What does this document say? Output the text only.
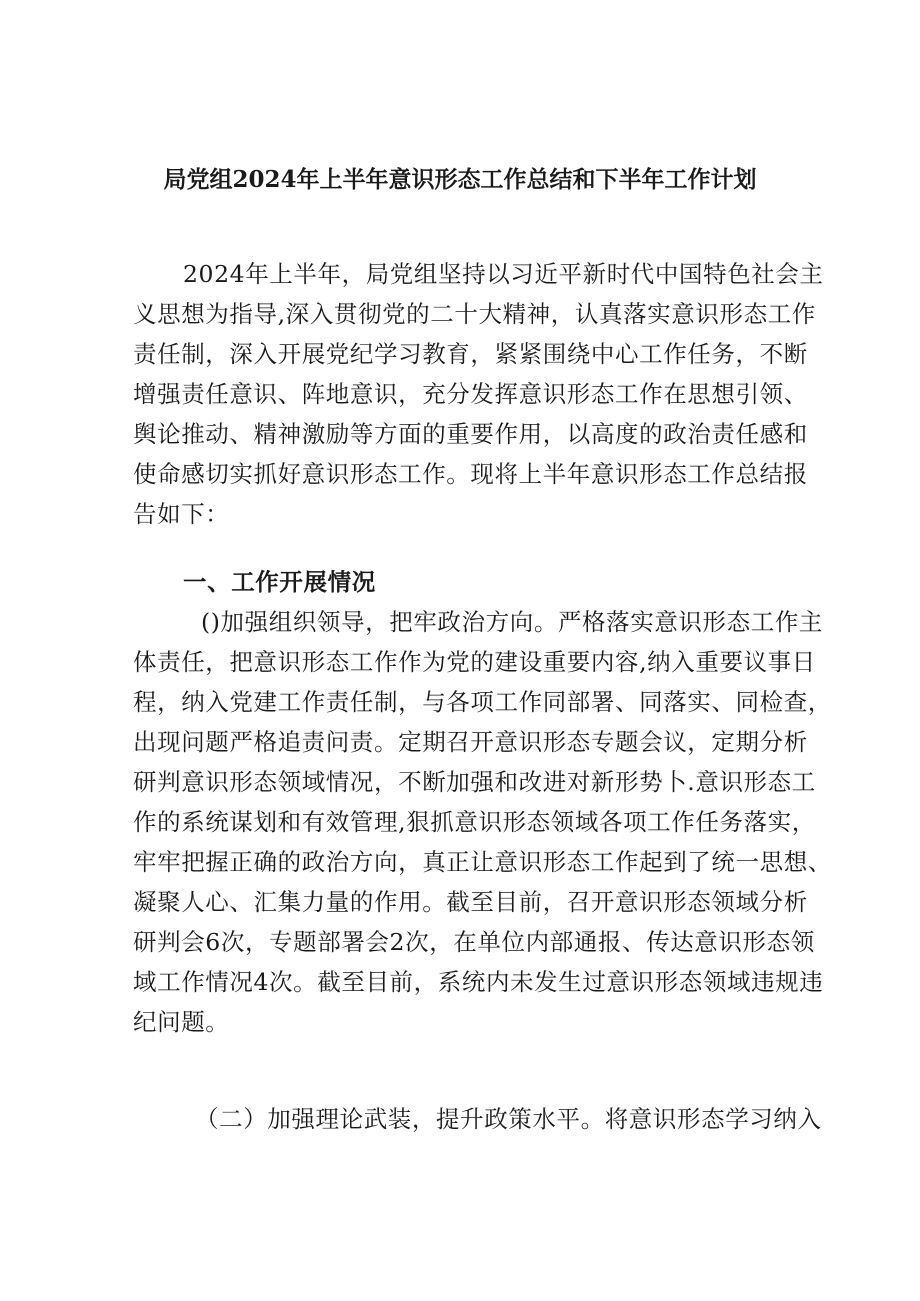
局党组2024年上半年意识形态工作总结和下半年工作计划
2024年上半年，局党组坚持以习近平新时代中国特色社会主
义思想为指导,深入贯彻党的二十大精神，认真落实意识形态工作
责任制，深入开展党纪学习教育，紧紧围绕中心工作任务，不断
增强责任意识、阵地意识，充分发挥意识形态工作在思想引领、
舆论推动、精神激励等方面的重要作用，以高度的政治责任感和
使命感切实抓好意识形态工作。现将上半年意识形态工作总结报
告如下：
一、工作开展情况
()加强组织领导，把牢政治方向。严格落实意识形态工作主
体责任，把意识形态工作作为党的建设重要内容,纳入重要议事日
程，纳入党建工作责任制，与各项工作同部署、同落实、同检查，
出现问题严格追责问责。定期召开意识形态专题会议，定期分析
研判意识形态领域情况，不断加强和改进对新形势卜.意识形态工
作的系统谋划和有效管理,狠抓意识形态领域各项工作任务落实，
牢牢把握正确的政治方向，真正让意识形态工作起到了统一思想、
凝聚人心、汇集力量的作用。截至目前，召开意识形态领域分析
研判会6次，专题部署会2次，在单位内部通报、传达意识形态领
域工作情况4次。截至目前，系统内未发生过意识形态领域违规违
纪问题。
（二）加强理论武装，提升政策水平。将意识形态学习纳入
